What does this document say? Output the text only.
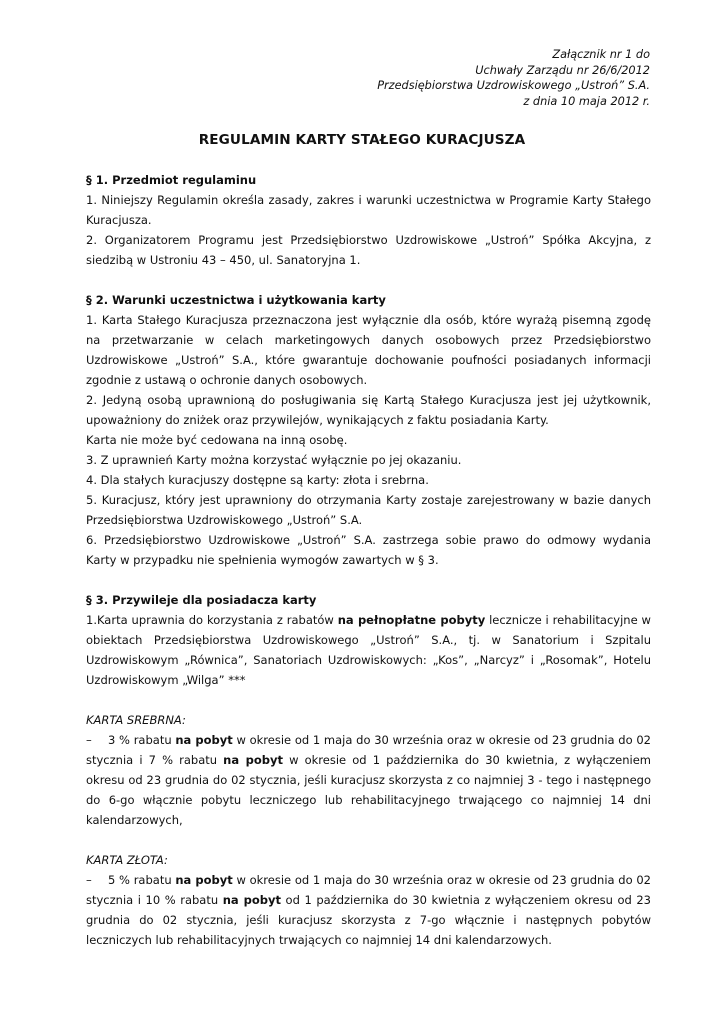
Załącznik nr 1 do
Uchwały Zarządu nr 26/6/2012
Przedsiębiorstwa Uzdrowiskowego „Ustroń” S.A.
z dnia 10 maja 2012 r.
REGULAMIN KARTY STAŁEGO KURACJUSZA
§ 1. Przedmiot regulaminu

1. Niniejszy Regulamin określa zasady, zakres i warunki uczestnictwa w Programie Karty Stałego Kuracjusza.

2. Organizatorem Programu jest Przedsiębiorstwo Uzdrowiskowe „Ustroń” Spółka Akcyjna, z siedzibą w Ustroniu 43 – 450, ul. Sanatoryjna 1.

§ 2. Warunki uczestnictwa i użytkowania karty

1. Karta Stałego Kuracjusza przeznaczona jest wyłącznie dla osób, które wyrażą pisemną zgodę na przetwarzanie w celach marketingowych danych osobowych przez Przedsiębiorstwo Uzdrowiskowe „Ustroń” S.A., które gwarantuje dochowanie poufności posiadanych informacji zgodnie z ustawą o ochronie danych osobowych.

2. Jedyną osobą uprawnioną do posługiwania się Kartą Stałego Kuracjusza jest jej użytkownik, upoważniony do zniżek oraz przywilejów, wynikających z faktu posiadania Karty.

Karta nie może być cedowana na inną osobę.

3. Z uprawnień Karty można korzystać wyłącznie po jej okazaniu.

4. Dla stałych kuracjuszy dostępne są karty: złota i srebrna.

5. Kuracjusz, który jest uprawniony do otrzymania Karty zostaje zarejestrowany w bazie danych Przedsiębiorstwa Uzdrowiskowego „Ustroń” S.A.

6. Przedsiębiorstwo Uzdrowiskowe „Ustroń” S.A. zastrzega sobie prawo do odmowy wydania Karty w przypadku nie spełnienia wymogów zawartych w § 3.

§ 3. Przywileje dla posiadacza karty

1.Karta uprawnia do korzystania z rabatów na pełnopłatne pobyty lecznicze i rehabilitacyjne w obiektach Przedsiębiorstwa Uzdrowiskowego „Ustroń” S.A., tj. w Sanatorium i Szpitalu Uzdrowiskowym „Równica”, Sanatoriach Uzdrowiskowych: „Kos”, „Narcyz” i „Rosomak”, Hotelu Uzdrowiskowym „Wilga” ***

KARTA SREBRNA:

– 3 % rabatu na pobyt w okresie od 1 maja do 30 września oraz w okresie od 23 grudnia do 02 stycznia i 7 % rabatu na pobyt w okresie od 1 października do 30 kwietnia, z wyłączeniem okresu od 23 grudnia do 02 stycznia, jeśli kuracjusz skorzysta z co najmniej 3 - tego i następnego do 6-go włącznie pobytu leczniczego lub rehabilitacyjnego trwającego co najmniej 14 dni kalendarzowych,

KARTA ZŁOTA:

– 5 % rabatu na pobyt w okresie od 1 maja do 30 września oraz w okresie od 23 grudnia do 02 stycznia i 10 % rabatu na pobyt od 1 października do 30 kwietnia z wyłączeniem okresu od 23 grudnia do 02 stycznia, jeśli kuracjusz skorzysta z 7-go włącznie i następnych pobytów leczniczych lub rehabilitacyjnych trwających co najmniej 14 dni kalendarzowych.
